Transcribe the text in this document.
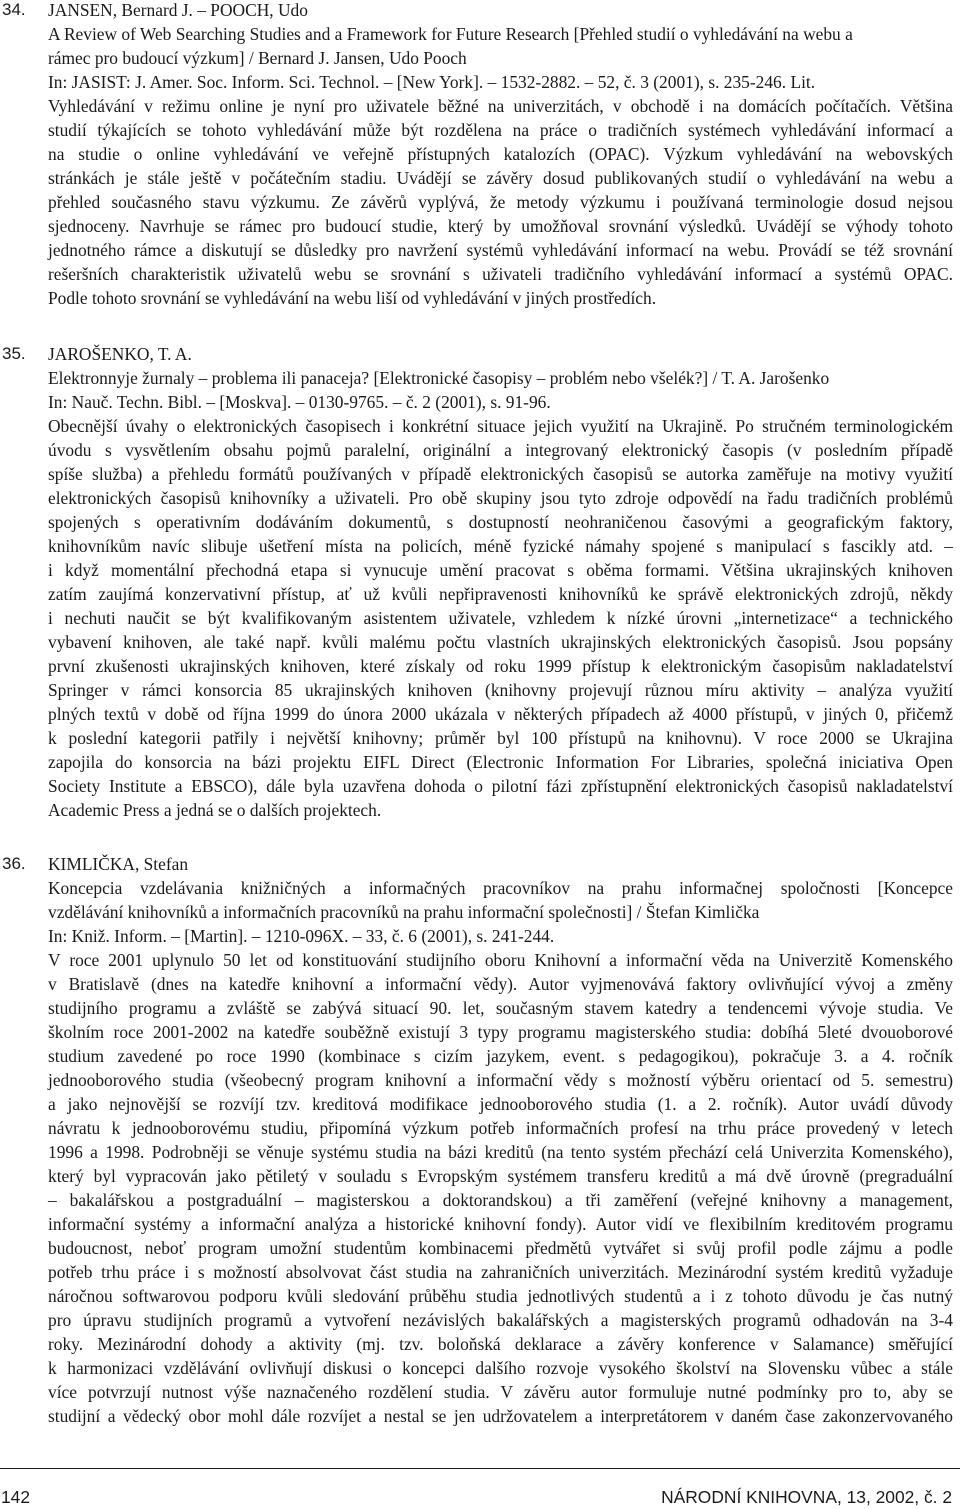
34. JANSEN, Bernard J. – POOCH, Udo
A Review of Web Searching Studies and a Framework for Future Research [Přehled studií o vyhledávání na webu a
rámec pro budoucí výzkum] / Bernard J. Jansen, Udo Pooch
In: JASIST: J. Amer. Soc. Inform. Sci. Technol. – [New York]. – 1532-2882. – 52, č. 3 (2001), s. 235-246. Lit.
Vyhledávání v režimu online je nyní pro uživatele běžné na univerzitách, v obchodě i na domácích počítačích. Většina
studií týkajících se tohoto vyhledávání může být rozdělena na práce o tradičních systémech vyhledávání informací a
na studie o online vyhledávání ve veřejně přístupných katalozích (OPAC). Výzkum vyhledávání na webovských
stránkách je stále ještě v počátečním stadiu. Uvádějí se závěry dosud publikovaných studií o vyhledávání na webu a
přehled současného stavu výzkumu. Ze závěrů vyplývá, že metody výzkumu i používaná terminologie dosud nejsou
sjednoceny. Navrhuje se rámec pro budoucí studie, který by umožňoval srovnání výsledků. Uvádějí se výhody tohoto
jednotného rámce a diskutují se důsledky pro navržení systémů vyhledávání informací na webu. Provádí se též srovnání
rešeršních charakteristik uživatelů webu se srovnání s uživateli tradičního vyhledávání informací a systémů OPAC.
Podle tohoto srovnání se vyhledávání na webu liší od vyhledávání v jiných prostředích.
35. JAROŠENKO, T. A.
Elektronnyje žurnaly – problema ili panaceja? [Elektronické časopisy – problém nebo všelék?] / T. A. Jarošenko
In: Nauč. Techn. Bibl. – [Moskva]. – 0130-9765. – č. 2 (2001), s. 91-96.
Obecnější úvahy o elektronických časopisech i konkrétní situace jejich využití na Ukrajině. Po stručném terminologickém
úvodu s vysvětlením obsahu pojmů paralelní, originální a integrovaný elektronický časopis (v posledním případě
spíše služba) a přehledu formátů používaných v případě elektronických časopisů se autorka zaměřuje na motivy využití
elektronických časopisů knihovníky a uživateli. Pro obě skupiny jsou tyto zdroje odpovědí na řadu tradičních problémů
spojených s operativním dodáváním dokumentů, s dostupností neohraničenou časovými a geografickým faktory,
knihovníkům navíc slibuje ušetření místa na policích, méně fyzické námahy spojené s manipulací s fascikly atd. –
i když momentální přechodná etapa si vynucuje umění pracovat s oběma formami. Většina ukrajinských knihoven
zatím zaujímá konzervativní přístup, ať už kvůli nepřipravenosti knihovníků ke správě elektronických zdrojů, někdy
i nechuti naučit se být kvalifikovaným asistentem uživatele, vzhledem k nízké úrovni „internetizace“ a technického
vybavení knihoven, ale také např. kvůli malému počtu vlastních ukrajinských elektronických časopisů. Jsou popsány
první zkušenosti ukrajinských knihoven, které získaly od roku 1999 přístup k elektronickým časopisům nakladatelství
Springer v rámci konsorcia 85 ukrajinských knihoven (knihovny projevují různou míru aktivity – analýza využití
plných textů v době od října 1999 do února 2000 ukázala v některých případech až 4000 přístupů, v jiných 0, přičemž
k poslední kategorii patřily i největší knihovny; průměr byl 100 přístupů na knihovnu). V roce 2000 se Ukrajina
zapojila do konsorcia na bázi projektu EIFL Direct (Electronic Information For Libraries, společná iniciativa Open
Society Institute a EBSCO), dále byla uzavřena dohoda o pilotní fázi zpřístupnění elektronických časopisů nakladatelství
Academic Press a jedná se o dalších projektech.
36. KIMLIČKA, Stefan
Koncepcia vzdelávania knižničných a informačných pracovníkov na prahu informačnej spoločnosti [Koncepce
vzdělávání knihovníků a informačních pracovníků na prahu informační společnosti] / Štefan Kimlička
In: Kniž. Inform. – [Martin]. – 1210-096X. – 33, č. 6 (2001), s. 241-244.
V roce 2001 uplynulo 50 let od konstituování studijního oboru Knihovní a informační věda na Univerzitě Komenského
v Bratislavě (dnes na katedře knihovní a informační vědy). Autor vyjmenovává faktory ovlivňující vývoj a změny
studijního programu a zvláště se zabývá situací 90. let, současným stavem katedry a tendencemi vývoje studia. Ve
školním roce 2001-2002 na katedře souběžně existují 3 typy programu magisterského studia: dobíhá 5leté dvouoborové
studium zavedené po roce 1990 (kombinace s cizím jazykem, event. s pedagogikou), pokračuje 3. a 4. ročník
jednooborového studia (všeobecný program knihovní a informační vědy s možností výběru orientací od 5. semestru)
a jako nejnovější se rozvíjí tzv. kreditová modifikace jednooborového studia (1. a 2. ročník). Autor uvádí důvody
návratu k jednooborovému studiu, připomíná výzkum potřeb informačních profesí na trhu práce provedený v letech
1996 a 1998. Podrobněji se věnuje systému studia na bázi kreditů (na tento systém přechází celá Univerzita Komenského),
který byl vypracován jako pětiletý v souladu s Evropským systémem transferu kreditů a má dvě úrovně (pregraduální
– bakalářskou a postgraduální – magisterskou a doktorandskou) a tři zaměření (veřejné knihovny a management,
informační systémy a informační analýza a historické knihovní fondy). Autor vidí ve flexibilním kreditovém programu
budoucnost, neboť program umožní studentům kombinacemi předmětů vytvářet si svůj profil podle zájmu a podle
potřeb trhu práce i s možností absolvovat část studia na zahraničních univerzitách. Mezinárodní systém kreditů vyžaduje
náročnou softwarovou podporu kvůli sledování průběhu studia jednotlivých studentů a i z tohoto důvodu je čas nutný
pro úpravu studijních programů a vytvoření nezávislých bakalářských a magisterských programů odhadován na 3-4
roky. Mezinárodní dohody a aktivity (mj. tzv. boloňská deklarace a závěry konference v Salamance) směřující
k harmonizaci vzdělávání ovlivňují diskusi o koncepci dalšího rozvoje vysokého školství na Slovensku vůbec a stále
více potvrzují nutnost výše naznačeného rozdělení studia. V závěru autor formuluje nutné podmínky pro to, aby se
studijní a vědecký obor mohl dále rozvíjet a nestal se jen udržovatelem a interpretátorem v daném čase zakonzervovaného
142	NÁRODNÍ KNIHOVNA, 13, 2002, č. 2
